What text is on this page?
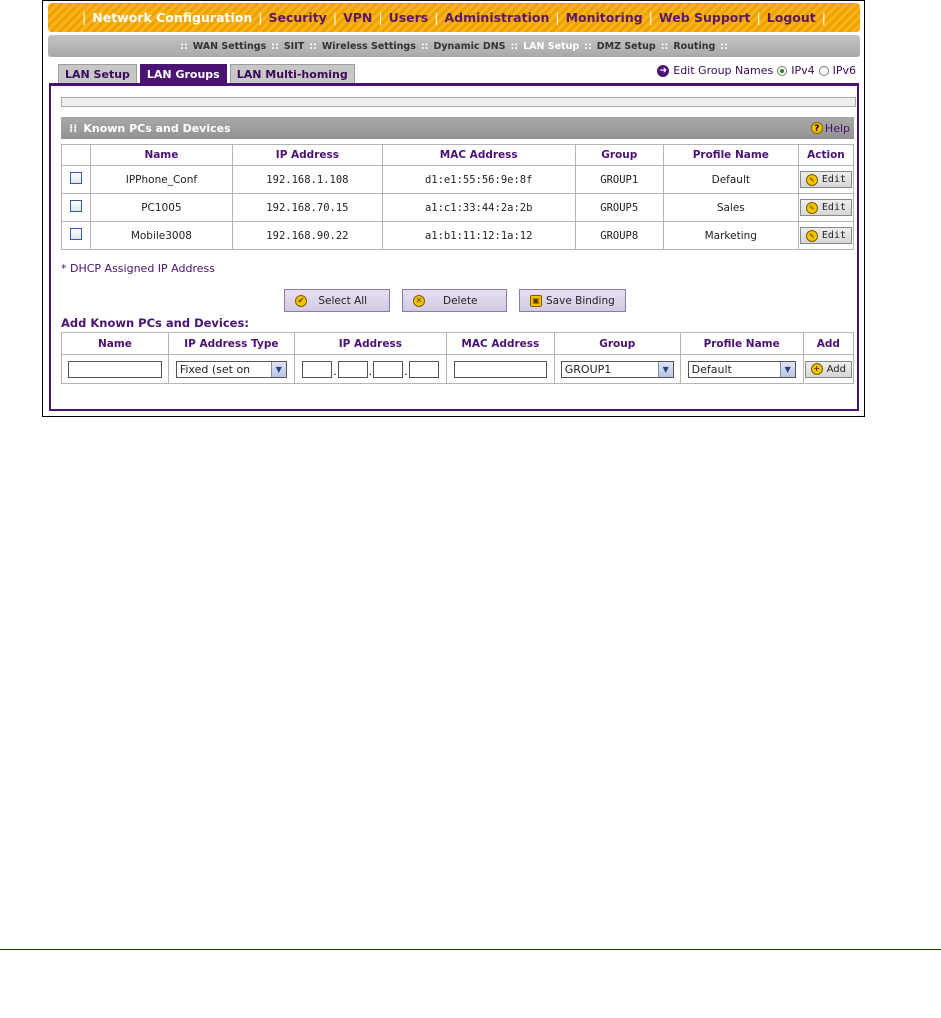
| Network Configuration | Security | VPN | Users | Administration | Monitoring | Web Support | Logout |
:: WAN Settings :: SIIT :: Wireless Settings :: Dynamic DNS :: LAN Setup :: DMZ Setup :: Routing ::
LAN Setup	LAN Groups	LAN Multi-homing	➜ Edit Group Names IPv4 IPv6
⁞⁞ Known PCs and Devices	? Help
	Name	IP Address	MAC Address	Group	Profile Name	Action
	IPPhone_Conf	192.168.1.108	d1:e1:55:56:9e:8f	GROUP1	Default	✎ Edit

	PC1005	192.168.70.15	a1:c1:33:44:2a:2b	GROUP5	Sales	✎ Edit

	Mobile3008	192.168.90.22	a1:b1:11:12:1a:12	GROUP8	Marketing	✎ Edit
* DHCP Assigned IP Address
✔
Select All	✕
Delete	▣ Save Binding
Add Known PCs and Devices:
Name	IP Address Type	IP Address	MAC Address	Group	Profile Name	Add

	Fixed (set on ▼	. . .		GROUP1 ▼	Default ▼	+ Add
